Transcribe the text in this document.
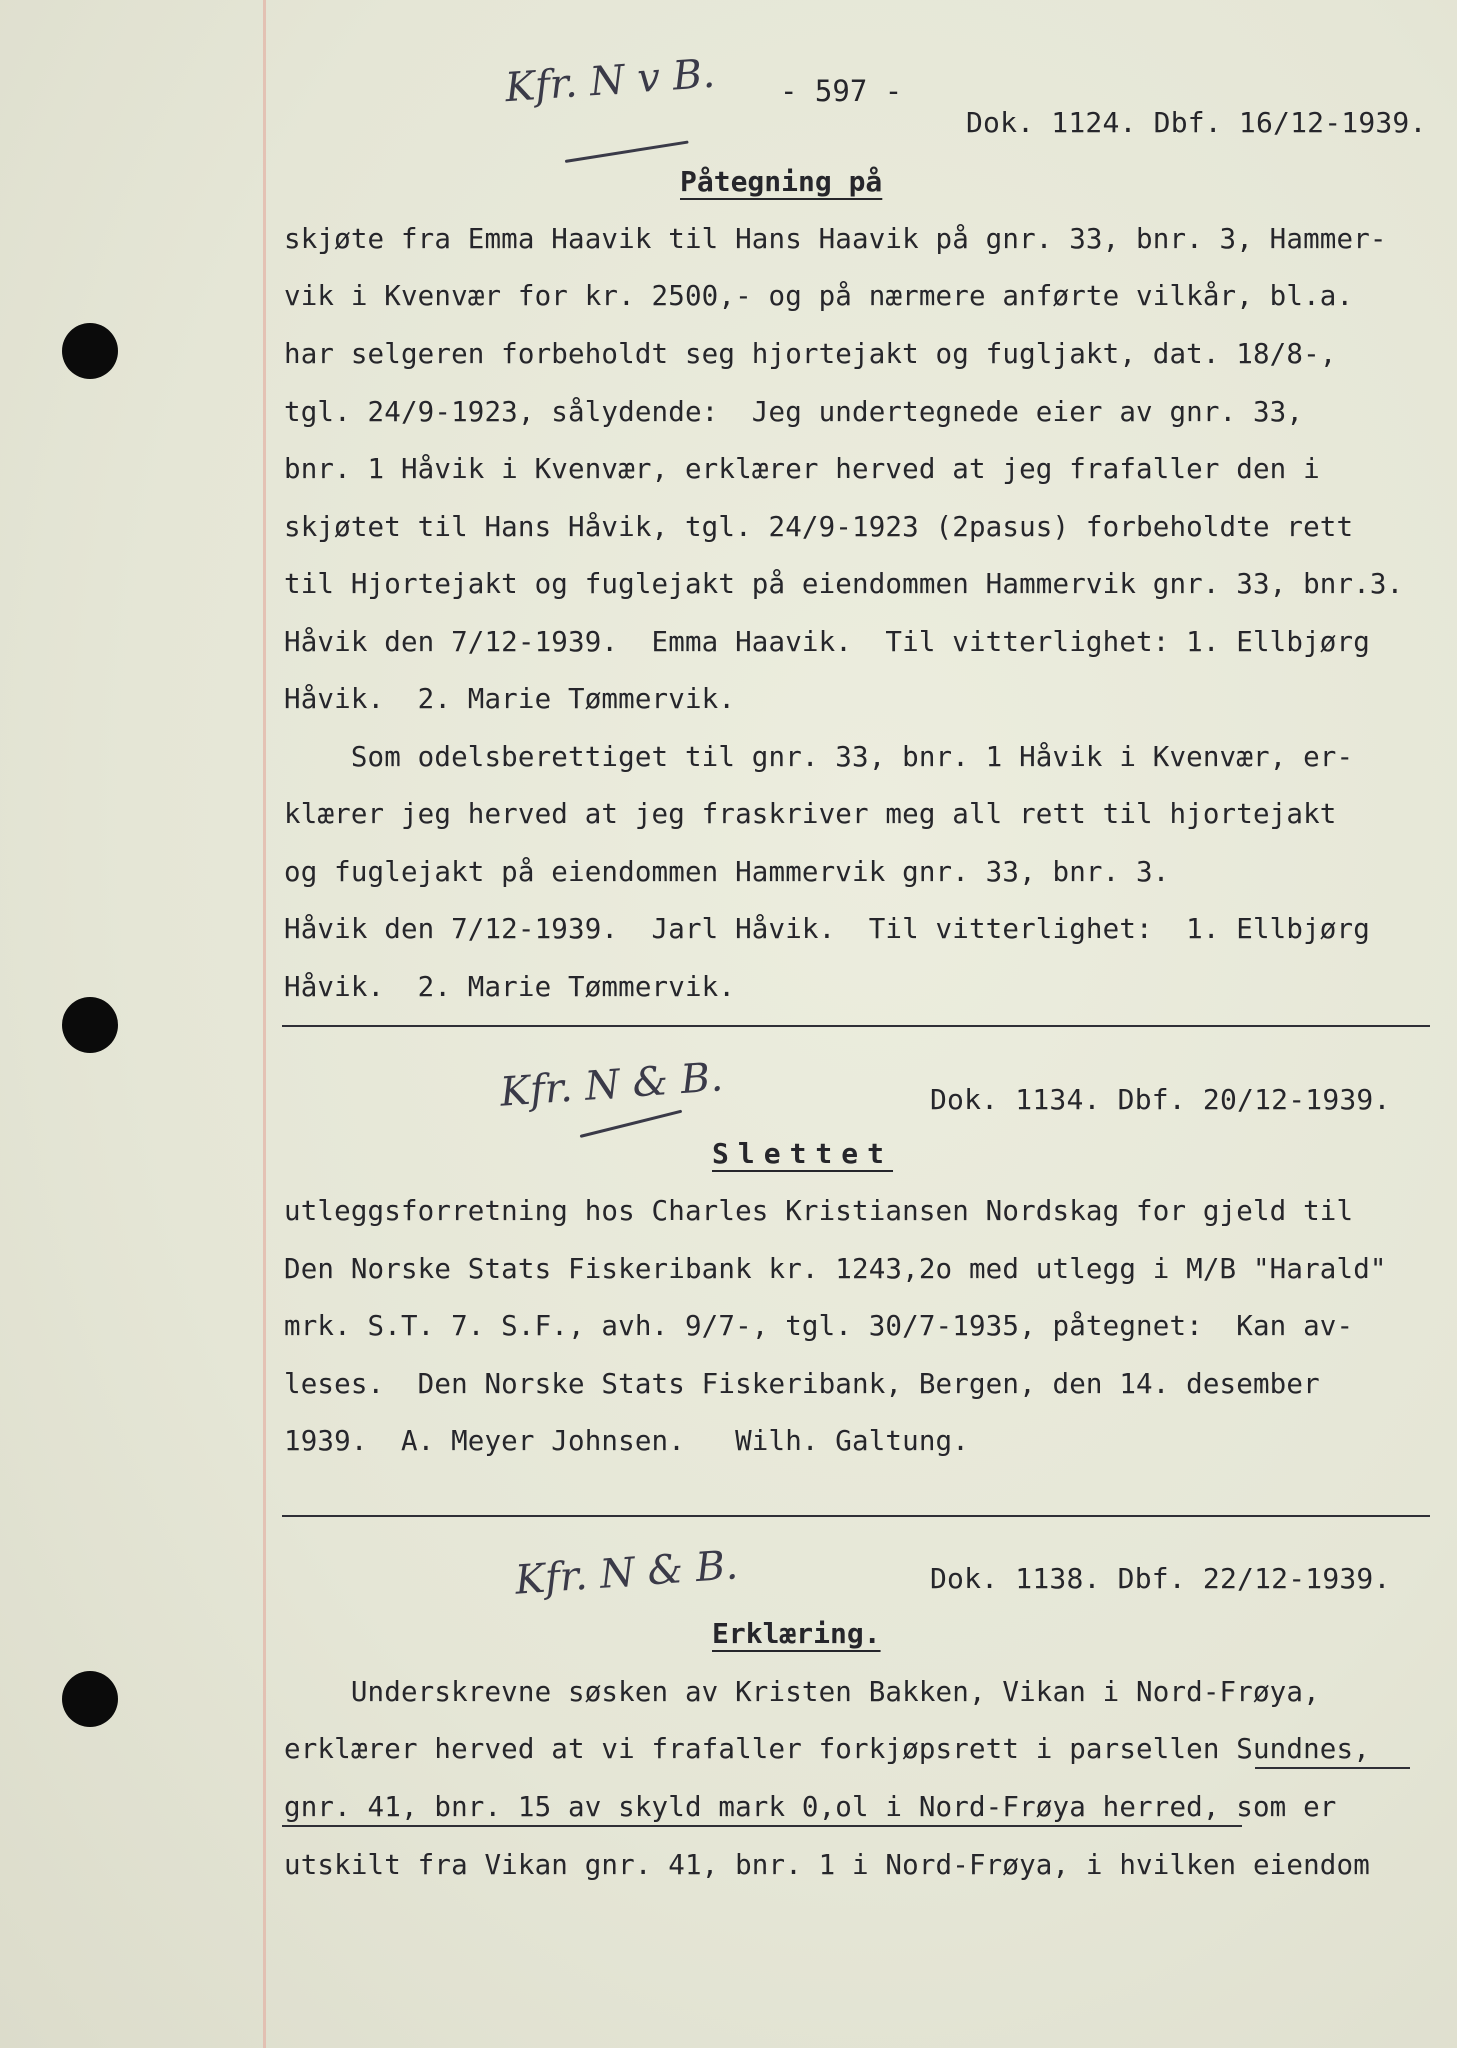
Kfr. N v B. - 597 -
Dok. 1124. Dbf. 16/12-1939.
Påtegning på
skjøte fra Emma Haavik til Hans Haavik på gnr. 33, bnr. 3, Hammer-
vik i Kvenvær for kr. 2500,- og på nærmere anførte vilkår, bl.a.
har selgeren forbeholdt seg hjortejakt og fugljakt, dat. 18/8-,
tgl. 24/9-1923, sålydende:  Jeg undertegnede eier av gnr. 33,
bnr. 1 Håvik i Kvenvær, erklærer herved at jeg frafaller den i
skjøtet til Hans Håvik, tgl. 24/9-1923 (2pasus) forbeholdte rett
til Hjortejakt og fuglejakt på eiendommen Hammervik gnr. 33, bnr.3.
Håvik den 7/12-1939.  Emma Haavik.  Til vitterlighet: 1. Ellbjørg
Håvik.  2. Marie Tømmervik.
Som odelsberettiget til gnr. 33, bnr. 1 Håvik i Kvenvær, er-
klærer jeg herved at jeg fraskriver meg all rett til hjortejakt
og fuglejakt på eiendommen Hammervik gnr. 33, bnr. 3.
Håvik den 7/12-1939.  Jarl Håvik.  Til vitterlighet:  1. Ellbjørg
Håvik.  2. Marie Tømmervik.
Kfr. N & B.	Dok. 1134. Dbf. 20/12-1939.
Slettet
utleggsforretning hos Charles Kristiansen Nordskag for gjeld til
Den Norske Stats Fiskeribank kr. 1243,2o med utlegg i M/B "Harald"
mrk. S.T. 7. S.F., avh. 9/7-, tgl. 30/7-1935, påtegnet:  Kan av-
leses.  Den Norske Stats Fiskeribank, Bergen, den 14. desember
1939.  A. Meyer Johnsen.   Wilh. Galtung.
Kfr. N & B.	Dok. 1138. Dbf. 22/12-1939.
Erklæring.
Underskrevne søsken av Kristen Bakken, Vikan i Nord-Frøya,
erklærer herved at vi frafaller forkjøpsrett i parsellen Sundnes,
gnr. 41, bnr. 15 av skyld mark 0,ol i Nord-Frøya herred, som er
utskilt fra Vikan gnr. 41, bnr. 1 i Nord-Frøya, i hvilken eiendom
